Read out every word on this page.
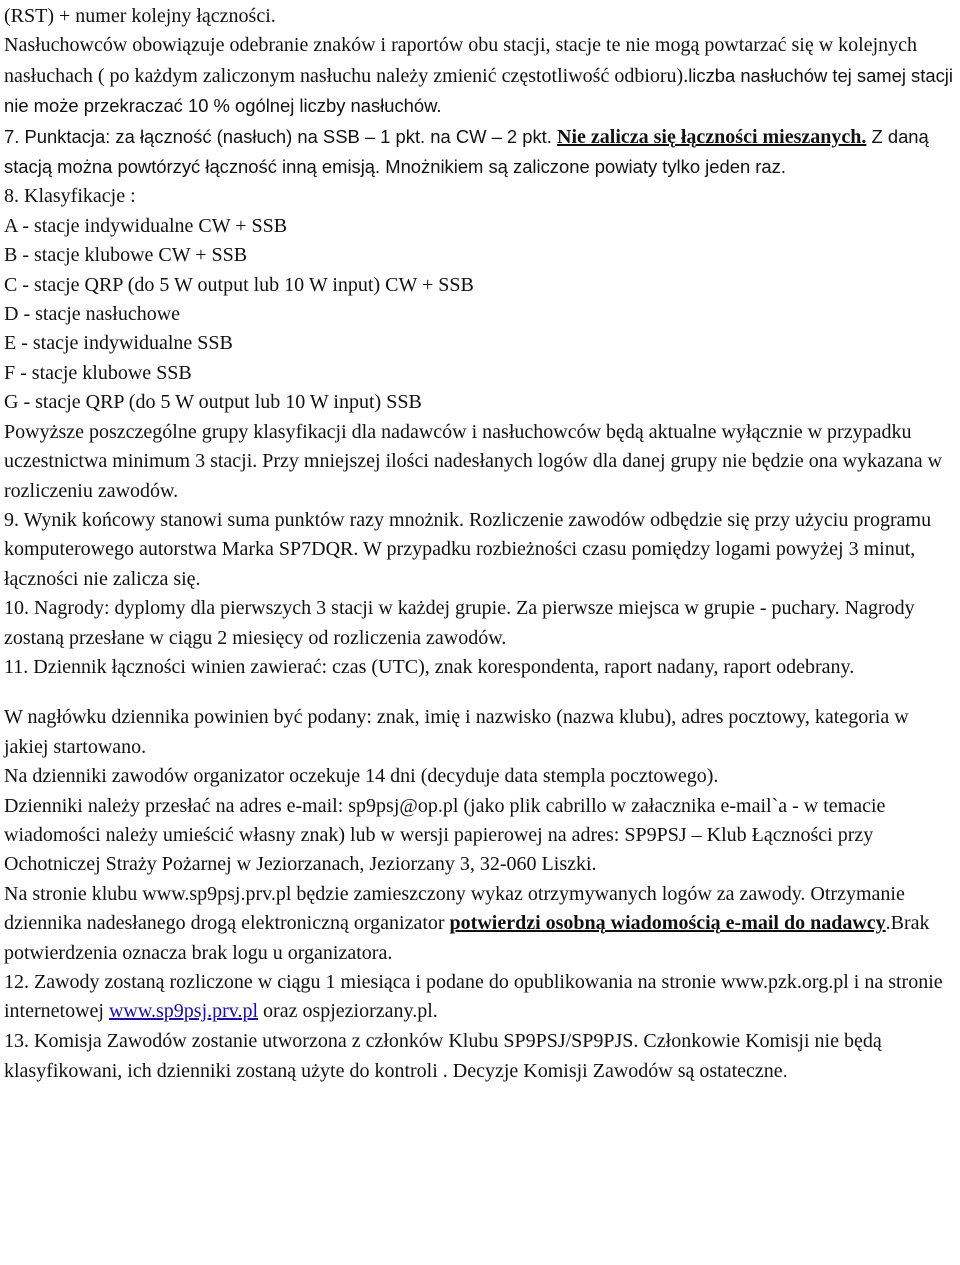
(RST) + numer kolejny łączności.
Nasłuchowców obowiązuje odebranie znaków i raportów obu stacji, stacje te nie mogą powtarzać się w kolejnych nasłuchach ( po każdym zaliczonym nasłuchu należy zmienić częstotliwość odbioru).liczba nasłuchów tej samej stacji nie może przekraczać 10 % ogólnej liczby nasłuchów.

7. Punktacja: za łączność (nasłuch) na SSB – 1 pkt. na CW – 2 pkt. Nie zalicza się łączności mieszanych. Z daną stacją można powtórzyć łączność inną emisją. Mnożnikiem są zaliczone powiaty tylko jeden raz.

8. Klasyfikacje :
A - stacje indywidualne CW + SSB
B - stacje klubowe CW + SSB
C - stacje QRP (do 5 W output lub 10 W input) CW + SSB
D - stacje nasłuchowe
E - stacje indywidualne SSB
F - stacje klubowe SSB
G - stacje QRP (do 5 W output lub 10 W input) SSB
Powyższe poszczególne grupy klasyfikacji dla nadawców i nasłuchowców będą aktualne wyłącznie w przypadku uczestnictwa minimum 3 stacji. Przy mniejszej ilości nadesłanych logów dla danej grupy nie będzie ona wykazana w rozliczeniu zawodów.

9. Wynik końcowy stanowi suma punktów razy mnożnik. Rozliczenie zawodów odbędzie się przy użyciu programu komputerowego autorstwa Marka SP7DQR. W przypadku rozbieżności czasu pomiędzy logami powyżej 3 minut, łączności nie zalicza się.

10. Nagrody: dyplomy dla pierwszych 3 stacji w każdej grupie. Za pierwsze miejsca w grupie - puchary. Nagrody zostaną przesłane w ciągu 2 miesięcy od rozliczenia zawodów.

11. Dziennik łączności winien zawierać: czas (UTC), znak korespondenta, raport nadany, raport odebrany.

W nagłówku dziennika powinien być podany: znak, imię i nazwisko (nazwa klubu), adres pocztowy, kategoria w jakiej startowano.
Na dzienniki zawodów organizator oczekuje 14 dni (decyduje data stempla pocztowego).
Dzienniki należy przesłać na adres e-mail: sp9psj@op.pl (jako plik cabrillo w załacznika e-mail`a - w temacie wiadomości należy umieścić własny znak) lub w wersji papierowej na adres: SP9PSJ – Klub Łączności przy Ochotniczej Straży Pożarnej w Jeziorzanach, Jeziorzany 3, 32-060 Liszki.
Na stronie klubu www.sp9psj.prv.pl będzie zamieszczony wykaz otrzymywanych logów za zawody. Otrzymanie dziennika nadesłanego drogą elektroniczną organizator potwierdzi osobną wiadomością e-mail do nadawcy.Brak potwierdzenia oznacza brak logu u organizatora.

12. Zawody zostaną rozliczone w ciągu 1 miesiąca i podane do opublikowania na stronie www.pzk.org.pl i na stronie internetowej www.sp9psj.prv.pl oraz ospjeziorzany.pl.

13. Komisja Zawodów zostanie utworzona z członków Klubu SP9PSJ/SP9PJS. Członkowie Komisji nie będą klasyfikowani, ich dzienniki zostaną użyte do kontroli . Decyzje Komisji Zawodów są ostateczne.
